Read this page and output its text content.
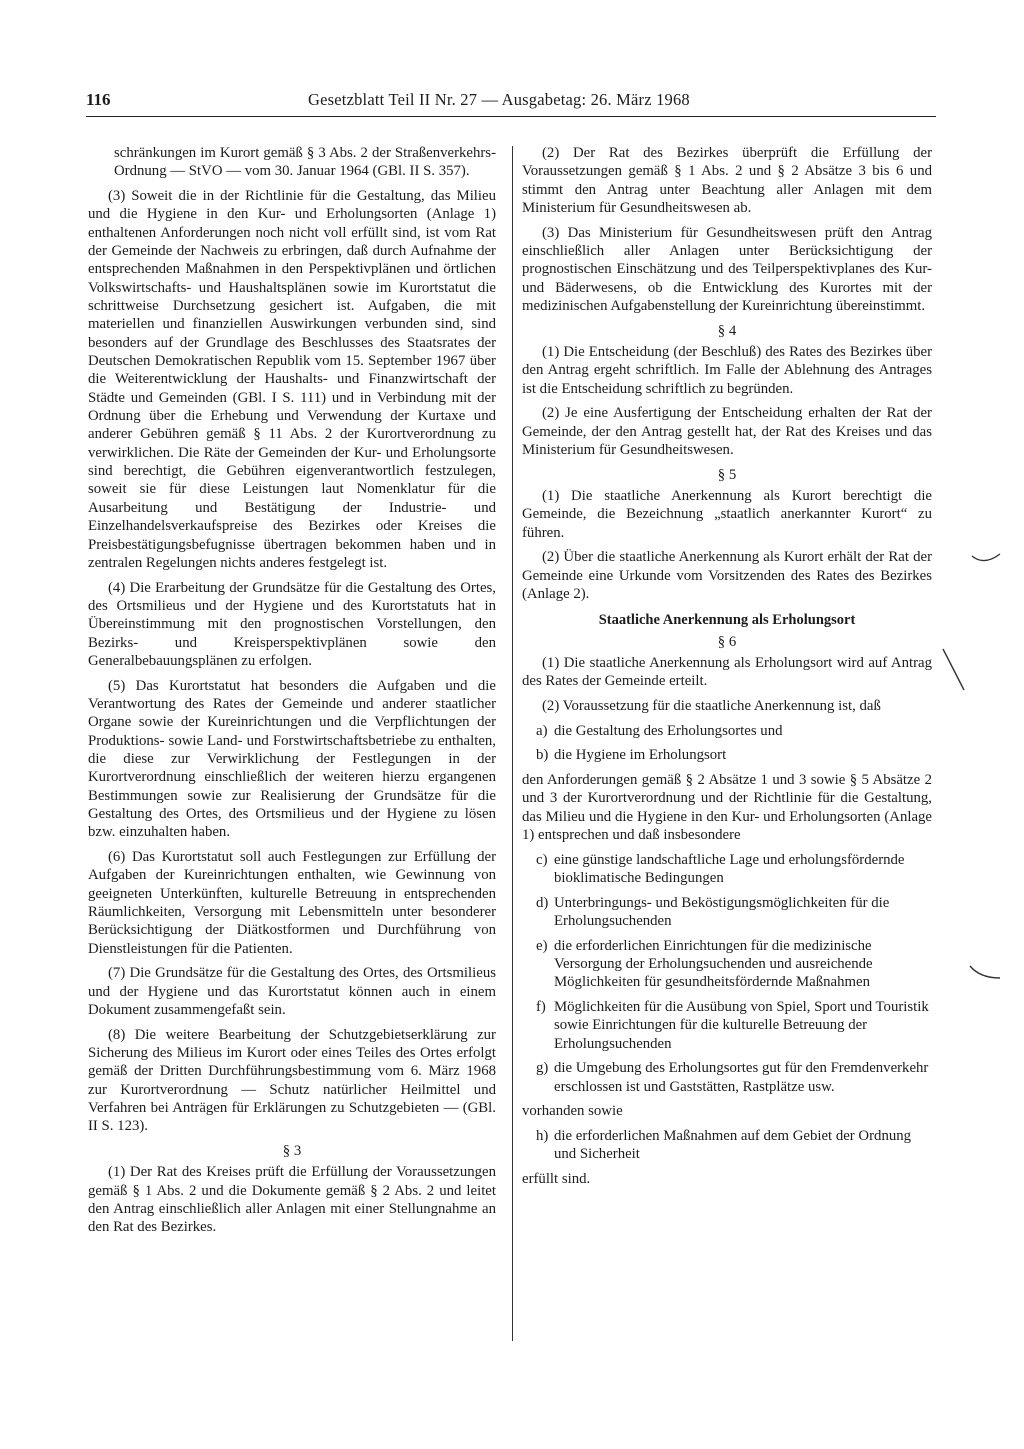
116	Gesetzblatt Teil II Nr. 27 — Ausgabetag: 26. März 1968

schränkungen im Kurort gemäß § 3 Abs. 2 der Straßenverkehrs-Ordnung — StVO — vom 30. Januar 1964 (GBl. II S. 357).

(3) Soweit die in der Richtlinie für die Gestaltung, das Milieu und die Hygiene in den Kur- und Erholungsorten (Anlage 1) enthaltenen Anforderungen noch nicht voll erfüllt sind, ist vom Rat der Gemeinde der Nachweis zu erbringen, daß durch Aufnahme der entsprechenden Maßnahmen in den Perspektivplänen und örtlichen Volkswirtschafts- und Haushaltsplänen sowie im Kurortstatut die schrittweise Durchsetzung gesichert ist. Aufgaben, die mit materiellen und finanziellen Auswirkungen verbunden sind, sind besonders auf der Grundlage des Beschlusses des Staatsrates der Deutschen Demokratischen Republik vom 15. September 1967 über die Weiterentwicklung der Haushalts- und Finanzwirtschaft der Städte und Gemeinden (GBl. I S. 111) und in Verbindung mit der Ordnung über die Erhebung und Verwendung der Kurtaxe und anderer Gebühren gemäß § 11 Abs. 2 der Kurortverordnung zu verwirklichen. Die Räte der Gemeinden der Kur- und Erholungsorte sind berechtigt, die Gebühren eigenverantwortlich festzulegen, soweit sie für diese Leistungen laut Nomenklatur für die Ausarbeitung und Bestätigung der Industrie- und Einzelhandelsverkaufspreise des Bezirkes oder Kreises die Preisbestätigungsbefugnisse übertragen bekommen haben und in zentralen Regelungen nichts anderes festgelegt ist.

(4) Die Erarbeitung der Grundsätze für die Gestaltung des Ortes, des Ortsmilieus und der Hygiene und des Kurortstatuts hat in Übereinstimmung mit den prognostischen Vorstellungen, den Bezirks- und Kreisperspektivplänen sowie den Generalbebauungsplänen zu erfolgen.

(5) Das Kurortstatut hat besonders die Aufgaben und die Verantwortung des Rates der Gemeinde und anderer staatlicher Organe sowie der Kureinrichtungen und die Verpflichtungen der Produktions- sowie Land- und Forstwirtschaftsbetriebe zu enthalten, die diese zur Verwirklichung der Festlegungen in der Kurortverordnung einschließlich der weiteren hierzu ergangenen Bestimmungen sowie zur Realisierung der Grundsätze für die Gestaltung des Ortes, des Ortsmilieus und der Hygiene zu lösen bzw. einzuhalten haben.

(6) Das Kurortstatut soll auch Festlegungen zur Erfüllung der Aufgaben der Kureinrichtungen enthalten, wie Gewinnung von geeigneten Unterkünften, kulturelle Betreuung in entsprechenden Räumlichkeiten, Versorgung mit Lebensmitteln unter besonderer Berücksichtigung der Diätkostformen und Durchführung von Dienstleistungen für die Patienten.

(7) Die Grundsätze für die Gestaltung des Ortes, des Ortsmilieus und der Hygiene und das Kurortstatut können auch in einem Dokument zusammengefaßt sein.

(8) Die weitere Bearbeitung der Schutzgebietserklärung zur Sicherung des Milieus im Kurort oder eines Teiles des Ortes erfolgt gemäß der Dritten Durchführungsbestimmung vom 6. März 1968 zur Kurortverordnung — Schutz natürlicher Heilmittel und Verfahren bei Anträgen für Erklärungen zu Schutzgebieten — (GBl. II S. 123).

§ 3

(1) Der Rat des Kreises prüft die Erfüllung der Voraussetzungen gemäß § 1 Abs. 2 und die Dokumente gemäß § 2 Abs. 2 und leitet den Antrag einschließlich aller Anlagen mit einer Stellungnahme an den Rat des Bezirkes.

(2) Der Rat des Bezirkes überprüft die Erfüllung der Voraussetzungen gemäß § 1 Abs. 2 und § 2 Absätze 3 bis 6 und stimmt den Antrag unter Beachtung aller Anlagen mit dem Ministerium für Gesundheitswesen ab.

(3) Das Ministerium für Gesundheitswesen prüft den Antrag einschließlich aller Anlagen unter Berücksichtigung der prognostischen Einschätzung und des Teilperspektivplanes des Kur- und Bäderwesens, ob die Entwicklung des Kurortes mit der medizinischen Aufgabenstellung der Kureinrichtung übereinstimmt.

§ 4

(1) Die Entscheidung (der Beschluß) des Rates des Bezirkes über den Antrag ergeht schriftlich. Im Falle der Ablehnung des Antrages ist die Entscheidung schriftlich zu begründen.

(2) Je eine Ausfertigung der Entscheidung erhalten der Rat der Gemeinde, der den Antrag gestellt hat, der Rat des Kreises und das Ministerium für Gesundheitswesen.

§ 5

(1) Die staatliche Anerkennung als Kurort berechtigt die Gemeinde, die Bezeichnung „staatlich anerkannter Kurort“ zu führen.

(2) Über die staatliche Anerkennung als Kurort erhält der Rat der Gemeinde eine Urkunde vom Vorsitzenden des Rates des Bezirkes (Anlage 2).

Staatliche Anerkennung als Erholungsort

§ 6

(1) Die staatliche Anerkennung als Erholungsort wird auf Antrag des Rates der Gemeinde erteilt.

(2) Voraussetzung für die staatliche Anerkennung ist, daß

a) die Gestaltung des Erholungsortes und
b) die Hygiene im Erholungsort

den Anforderungen gemäß § 2 Absätze 1 und 3 sowie § 5 Absätze 2 und 3 der Kurortverordnung und der Richtlinie für die Gestaltung, das Milieu und die Hygiene in den Kur- und Erholungsorten (Anlage 1) entsprechen und daß insbesondere

c) eine günstige landschaftliche Lage und erholungsfördernde bioklimatische Bedingungen
d) Unterbringungs- und Beköstigungsmöglichkeiten für die Erholungsuchenden
e) die erforderlichen Einrichtungen für die medizinische Versorgung der Erholungsuchenden und ausreichende Möglichkeiten für gesundheitsfördernde Maßnahmen
f) Möglichkeiten für die Ausübung von Spiel, Sport und Touristik sowie Einrichtungen für die kulturelle Betreuung der Erholungsuchenden
g) die Umgebung des Erholungsortes gut für den Fremdenverkehr erschlossen ist und Gaststätten, Rastplätze usw.

vorhanden sowie

h) die erforderlichen Maßnahmen auf dem Gebiet der Ordnung und Sicherheit

erfüllt sind.
